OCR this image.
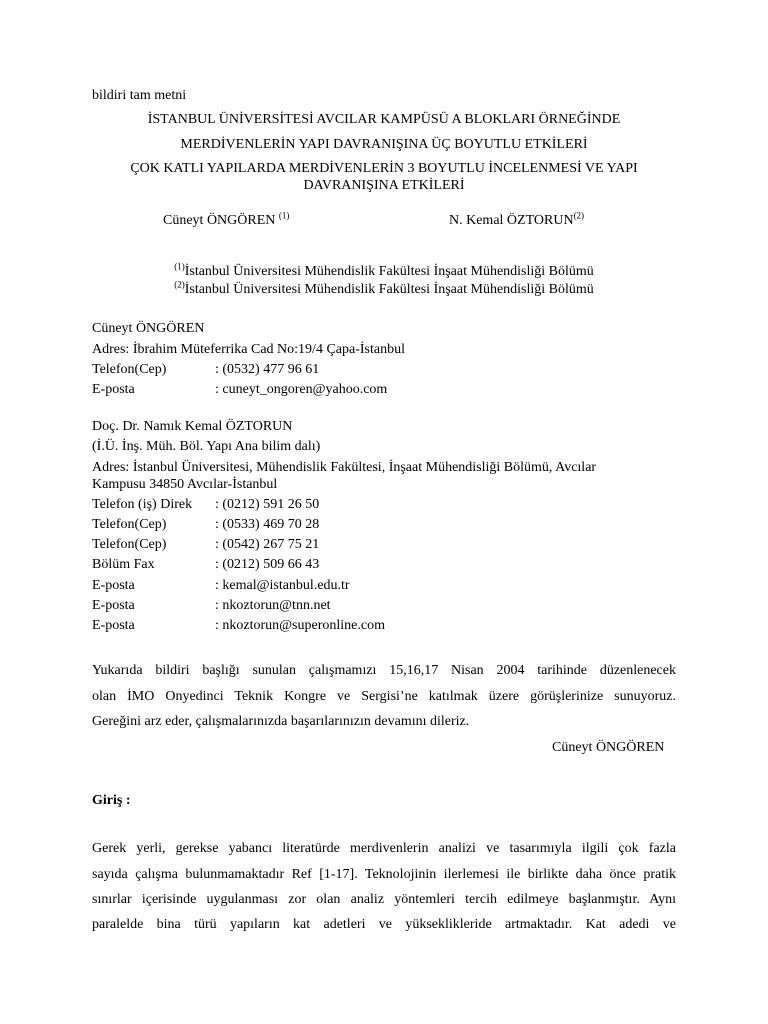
bildiri tam metni
İSTANBUL ÜNİVERSİTESİ AVCILAR KAMPÜSÜ A BLOKLARI ÖRNEĞİNDE
MERDİVENLERİN YAPI DAVRANIŞINA ÜÇ BOYUTLU ETKİLERİ
ÇOK KATLI YAPILARDA MERDİVENLERİN 3 BOYUTLU İNCELENMESİ VE YAPI
DAVRANIŞINA ETKİLERİ
Cüneyt ÖNGÖREN $^{(1)}$	N. Kemal ÖZTORUN$^{(2)}$
$^{(1)}$İstanbul Üniversitesi Mühendislik Fakültesi İnşaat Mühendisliği Bölümü
$^{(2)}$İstanbul Üniversitesi Mühendislik Fakültesi İnşaat Mühendisliği Bölümü
Cüneyt ÖNGÖREN
Adres: İbrahim Müteferrika Cad No:19/4 Çapa-İstanbul
Telefon(Cep)	: (0532) 477 96 61
E-posta	: cuneyt_ongoren@yahoo.com
Doç. Dr. Namık Kemal ÖZTORUN
(İ.Ü. İnş. Müh. Böl. Yapı Ana bilim dalı)
Adres: İstanbul Üniversitesi, Mühendislik Fakültesi, İnşaat Mühendisliği Bölümü, Avcılar
Kampusu 34850 Avcılar-İstanbul
Telefon (iş) Direk : (0212) 591 26 50
Telefon(Cep)	: (0533) 469 70 28
Telefon(Cep)	: (0542) 267 75 21
Bölüm Fax	: (0212) 509 66 43
E-posta	: kemal@istanbul.edu.tr
E-posta	: nkoztorun@tnn.net
E-posta	: nkoztorun@superonline.com
Yukarıda bildiri başlığı sunulan çalışmamızı 15,16,17 Nisan 2004 tarihinde düzenlenecek
olan İMO Onyedinci Teknik Kongre ve Sergisi’ne katılmak üzere görüşlerinize sunuyoruz.
Gereğini arz eder, çalışmalarınızda başarılarınızın devamını dileriz.
Cüneyt ÖNGÖREN
Giriş :
Gerek yerli, gerekse yabancı literatürde merdivenlerin analizi ve tasarımıyla ilgili çok fazla
sayıda çalışma bulunmamaktadır Ref [1-17]. Teknolojinin ilerlemesi ile birlikte daha önce pratik
sınırlar içerisinde uygulanması zor olan analiz yöntemleri tercih edilmeye başlanmıştır. Aynı
paralelde bina türü yapıların kat adetleri ve yükseklikleride artmaktadır. Kat adedi ve
